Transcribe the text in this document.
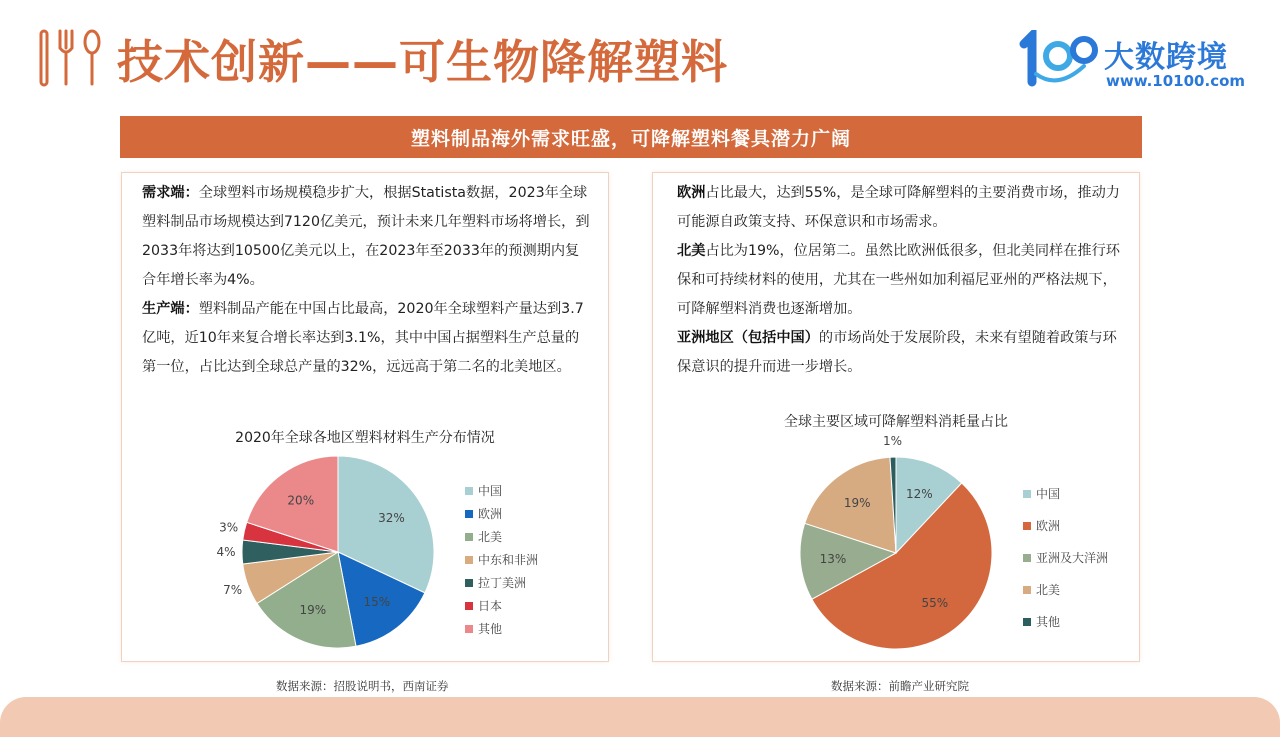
技术创新——可生物降解塑料	大数跨境
www.10100.com
塑料制品海外需求旺盛，可降解塑料餐具潜力广阔

需求端：全球塑料市场规模稳步扩大，根据Statista数据，2023年全球塑料制品市场规模达到7120亿美元，预计未来几年塑料市场将增长，到2033年将达到10500亿美元以上，在2023年至2033年的预测期内复合年增长率为4%。

生产端：塑料制品产能在中国占比最高，2020年全球塑料产量达到3.7亿吨，近10年来复合增长率达到3.1%，其中中国占据塑料生产总量的第一位，占比达到全球总产量的32%，远远高于第二名的北美地区。

2020年全球各地区塑料材料生产分布情况
32%
15%
19%
7%
4%
3%
20%
中国
欧洲
北美
中东和非洲
拉丁美洲
日本
其他

欧洲占比最大，达到55%，是全球可降解塑料的主要消费市场，推动力可能源自政策支持、环保意识和市场需求。

北美占比为19%，位居第二。虽然比欧洲低很多，但北美同样在推行环保和可持续材料的使用，尤其在一些州如加利福尼亚州的严格法规下，可降解塑料消费也逐渐增加。

亚洲地区（包括中国）的市场尚处于发展阶段，未来有望随着政策与环保意识的提升而进一步增长。

全球主要区域可降解塑料消耗量占比
12%
55%
13%
19%
1%
中国
欧洲
亚洲及大洋洲
北美
其他
数据来源：招股说明书，西南证券	数据来源：前瞻产业研究院
